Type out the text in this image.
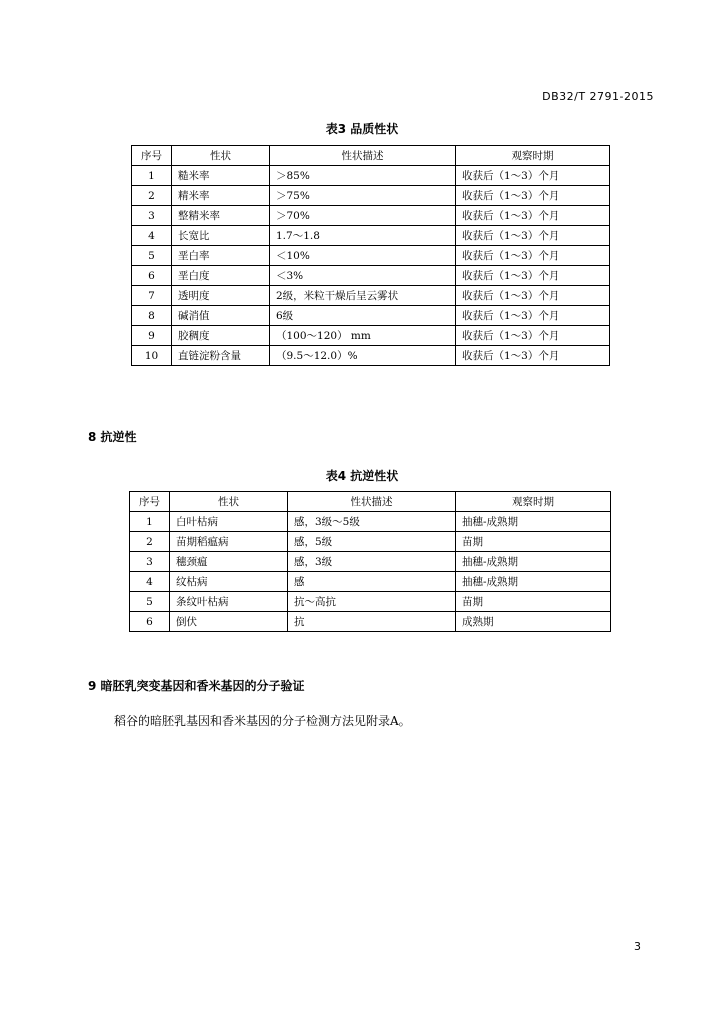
DB32/T 2791-2015
表3 品质性状
序号	性状	性状描述	观察时期
1	糙米率	＞85%	收获后（1～3）个月
2	精米率	＞75%	收获后（1～3）个月
3	整精米率	＞70%	收获后（1～3）个月
4	长宽比	1.7～1.8	收获后（1～3）个月
5	垩白率	＜10%	收获后（1～3）个月
6	垩白度	＜3%	收获后（1～3）个月
7	透明度	2级，米粒干燥后呈云雾状	收获后（1～3）个月
8	碱消值	6级	收获后（1～3）个月
9	胶稠度	（100～120） mm	收获后（1～3）个月
10	直链淀粉含量	（9.5～12.0）%	收获后（1～3）个月
8 抗逆性
表4 抗逆性状
序号	性状	性状描述	观察时期
1	白叶枯病	感，3级～5级	抽穗-成熟期
2	苗期稻瘟病	感，5级	苗期
3	穗颈瘟	感，3级	抽穗-成熟期
4	纹枯病	感	抽穗-成熟期
5	条纹叶枯病	抗～高抗	苗期
6	倒伏	抗	成熟期
9 暗胚乳突变基因和香米基因的分子验证
稻谷的暗胚乳基因和香米基因的分子检测方法见附录A。
3
